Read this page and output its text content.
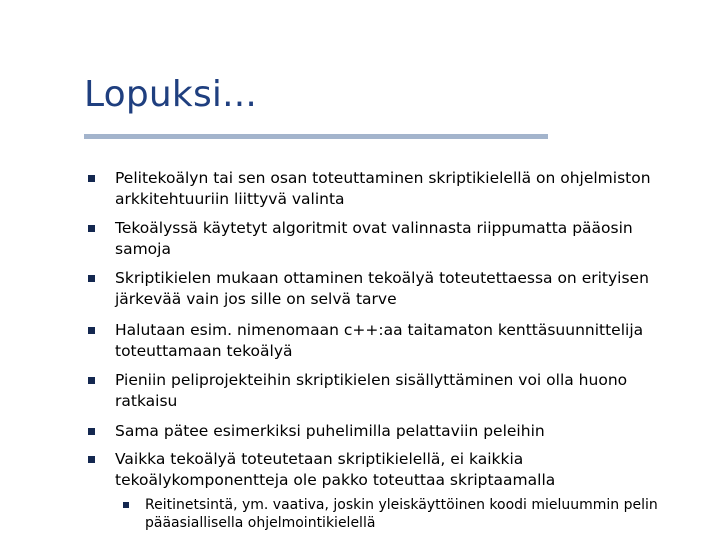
Lopuksi...
Pelitekoälyn tai sen osan toteuttaminen skriptikielellä on ohjelmiston arkkitehtuuriin liittyvä valinta
Tekoälyssä käytetyt algoritmit ovat valinnasta riippumatta pääosin samoja
Skriptikielen mukaan ottaminen tekoälyä toteutettaessa on erityisen järkevää vain jos sille on selvä tarve
Halutaan esim. nimenomaan c++:aa taitamaton kenttäsuunnittelija toteuttamaan tekoälyä
Pieniin peliprojekteihin skriptikielen sisällyttäminen voi olla huono ratkaisu
Sama pätee esimerkiksi puhelimilla pelattaviin peleihin
Vaikka tekoälyä toteutetaan skriptikielellä, ei kaikkia tekoälykomponentteja ole pakko toteuttaa skriptaamalla
Reitinetsintä, ym. vaativa, joskin yleiskäyttöinen koodi mieluummin pelin pääasiallisella ohjelmointikielellä
